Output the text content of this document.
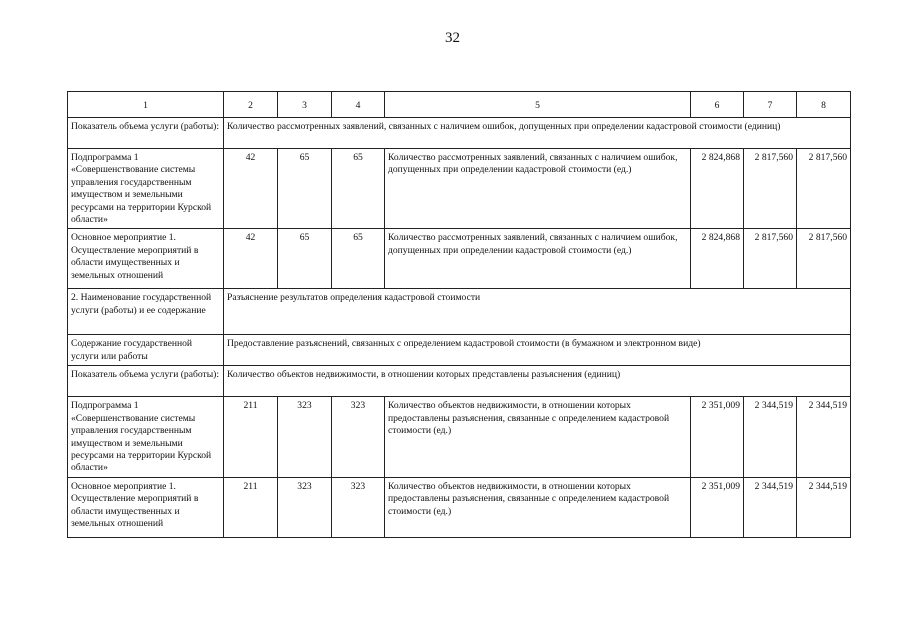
32
1	2	3	4	5	6	7	8
Показатель объема услуги (работы):	Количество рассмотренных заявлений, связанных с наличием ошибок, допущенных при определении кадастровой стоимости (единиц)						
Подпрограмма 1 «Совершенствование системы управления государственным имуществом и земельными ресурсами на территории Курской области»	42	65	65	Количество рассмотренных заявлений, связанных с наличием ошибок, допущенных при определении кадастровой стоимости (ед.)	2 824,868	2 817,560	2 817,560
Основное мероприятие 1. Осуществление мероприятий в области имущественных и земельных отношений	42	65	65	Количество рассмотренных заявлений, связанных с наличием ошибок, допущенных при определении кадастровой стоимости (ед.)	2 824,868	2 817,560	2 817,560
2. Наименование государственной услуги (работы) и ее содержание	Разъяснение результатов определения кадастровой стоимости						
Содержание государственной услуги или работы	Предоставление разъяснений, связанных с определением кадастровой стоимости (в бумажном и электронном виде)						
Показатель объема услуги (работы):	Количество объектов недвижимости, в отношении которых представлены разъяснения (единиц)						
Подпрограмма 1 «Совершенствование системы управления государственным имуществом и земельными ресурсами на территории Курской области»	211	323	323	Количество объектов недвижимости, в отношении которых предоставлены разъяснения, связанные с определением кадастровой стоимости (ед.)	2 351,009	2 344,519	2 344,519
Основное мероприятие 1. Осуществление мероприятий в области имущественных и земельных отношений	211	323	323	Количество объектов недвижимости, в отношении которых предоставлены разъяснения, связанные с определением кадастровой стоимости (ед.)	2 351,009	2 344,519	2 344,519
